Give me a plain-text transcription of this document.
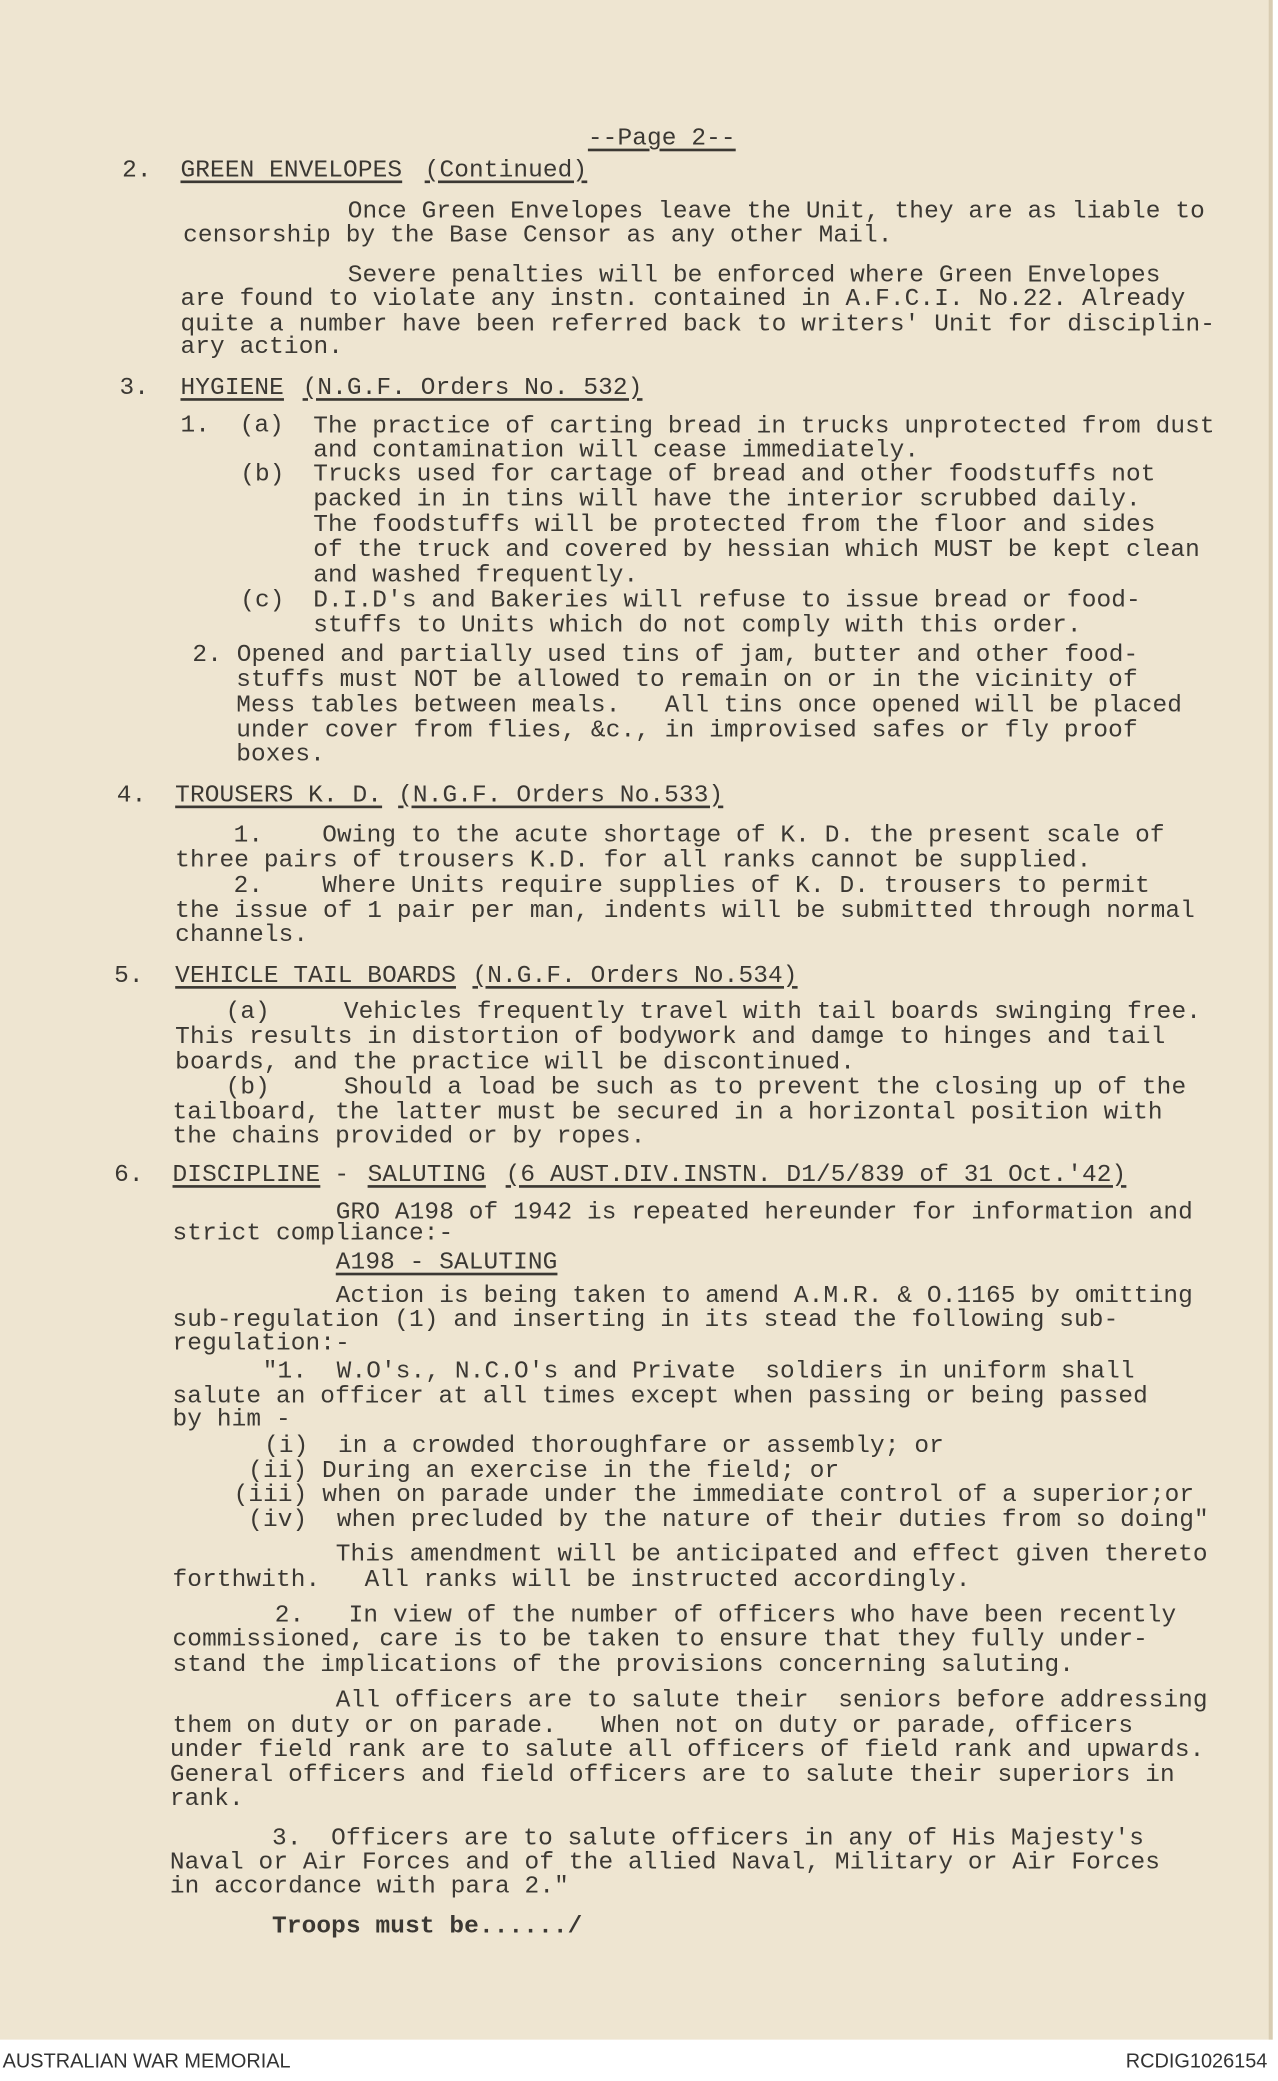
--Page 2--
2. GREEN ENVELOPES (Continued)
Once Green Envelopes leave the Unit, they are as liable to
censorship by the Base Censor as any other Mail.
Severe penalties will be enforced where Green Envelopes
are found to violate any instn. contained in A.F.C.I. No.22. Already
quite a number have been referred back to writers' Unit for disciplin-
ary action.
3. HYGIENE (N.G.F. Orders No. 532)
1.  (a) The practice of carting bread in trucks unprotected from dust
and contamination will cease immediately.
(b) Trucks used for cartage of bread and other foodstuffs not
packed in in tins will have the interior scrubbed daily.
The foodstuffs will be protected from the floor and sides
of the truck and covered by hessian which MUST be kept clean
and washed frequently.
(c) D.I.D's and Bakeries will refuse to issue bread or food-
stuffs to Units which do not comply with this order.
2. Opened and partially used tins of jam, butter and other food-
stuffs must NOT be allowed to remain on or in the vicinity of
Mess tables between meals.   All tins once opened will be placed
under cover from flies, &c., in improvised safes or fly proof
boxes.
4. TROUSERS K. D. (N.G.F. Orders No.533)
1.    Owing to the acute shortage of K. D. the present scale of
three pairs of trousers K.D. for all ranks cannot be supplied.
2.    Where Units require supplies of K. D. trousers to permit
the issue of 1 pair per man, indents will be submitted through normal
channels.
5. VEHICLE TAIL BOARDS (N.G.F. Orders No.534)
(a)     Vehicles frequently travel with tail boards swinging free.
This results in distortion of bodywork and damge to hinges and tail
boards, and the practice will be discontinued.
(b)     Should a load be such as to prevent the closing up of the
tailboard, the latter must be secured in a horizontal position with
the chains provided or by ropes.
6. DISCIPLINE - SALUTING (6 AUST.DIV.INSTN. D1/5/839 of 31 Oct.'42)
GRO A198 of 1942 is repeated hereunder for information and
strict compliance:-
A198 - SALUTING
Action is being taken to amend A.M.R. & O.1165 by omitting
sub-regulation (1) and inserting in its stead the following sub-
regulation:-
"1.  W.O's., N.C.O's and Private  soldiers in uniform shall
salute an officer at all times except when passing or being passed
by him -
(i)  in a crowded thoroughfare or assembly; or
(ii) During an exercise in the field; or
(iii) when on parade under the immediate control of a superior;or
(iv)  when precluded by the nature of their duties from so doing"
This amendment will be anticipated and effect given thereto
forthwith.   All ranks will be instructed accordingly.
2.   In view of the number of officers who have been recently
commissioned, care is to be taken to ensure that they fully under-
stand the implications of the provisions concerning saluting.
All officers are to salute their  seniors before addressing
them on duty or on parade.   When not on duty or parade, officers
under field rank are to salute all officers of field rank and upwards.
General officers and field officers are to salute their superiors in
rank.
3.  Officers are to salute officers in any of His Majesty's
Naval or Air Forces and of the allied Naval, Military or Air Forces
in accordance with para 2."
Troops must be....../
AUSTRALIAN WAR MEMORIAL	RCDIG1026154
